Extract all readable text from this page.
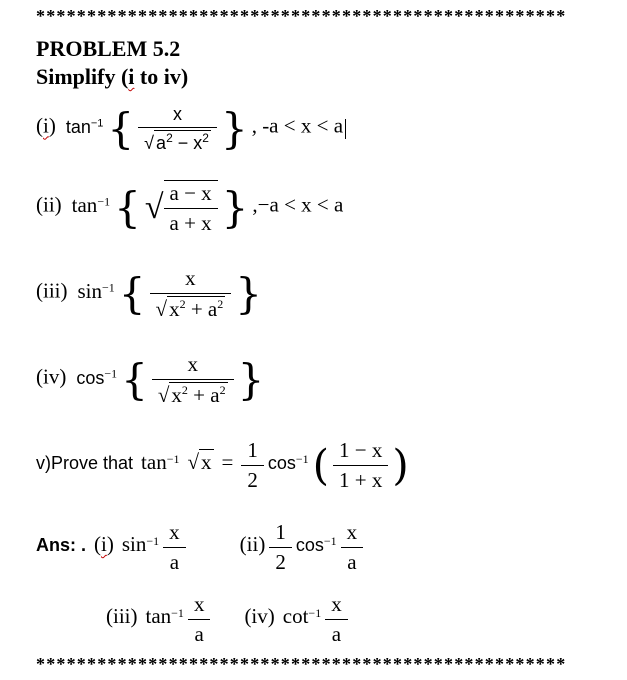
****************************************************
PROBLEM 5.2
Simplify (i to iv)
(i) $\tan^{-1}$ { $\frac{x}{√ a^2 - x^2}$ } , -a < x < a
(ii) $\tan^{-1}$ { √ $\frac{a - x}{a + x}$ } ,−a < x < a
(iii) $\sin^{-1}$ { $\frac{x}{√x^2 + a^2}$ }
(iv) $\cos^{-1}$ { $\frac{x}{√x^2 + a^2}$ }
v)Prove that $\tan^{-1} √x = \frac{1}{2} \cos^{-1}$ ( $\frac{1 - x}{1 + x}$ )
Ans: . (i) $\sin^{-1} \frac{x}{a}$	$(ii) \frac{1}{2} \cos^{-1} \frac{x}{a}$
(iii) $\tan^{-1} \frac{x}{a} (iv)$ $\cot^{-1} \frac{x}{a}$
****************************************************
